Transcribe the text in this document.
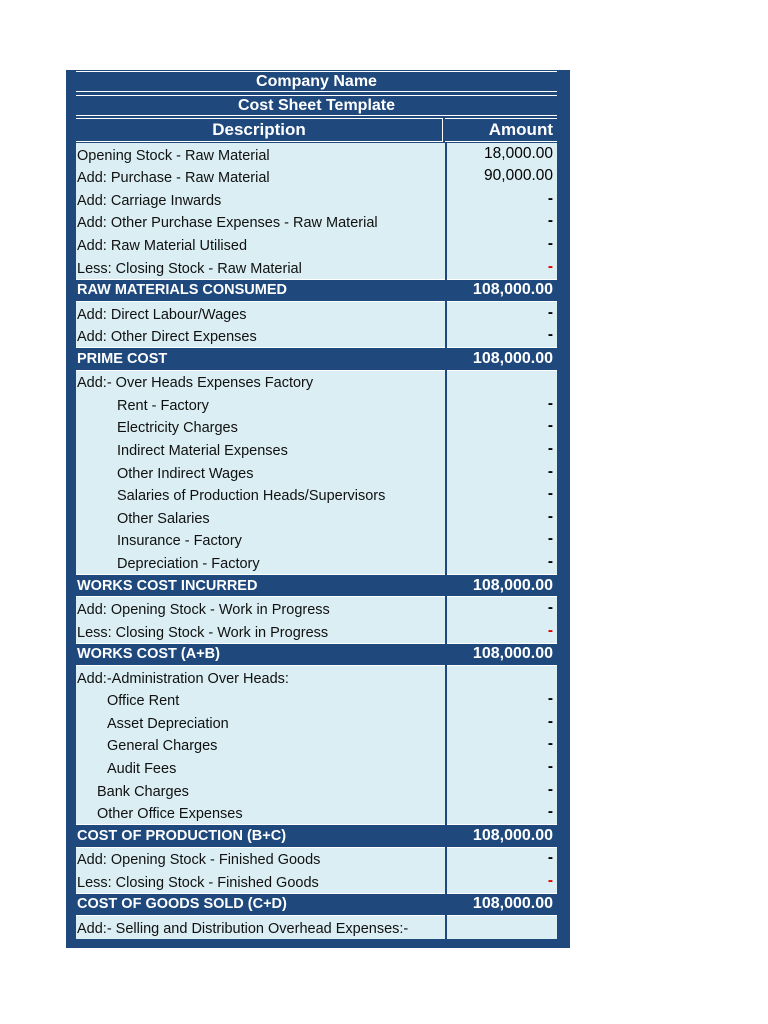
Company Name
Cost Sheet Template
Description	Amount
Opening Stock - Raw Material	18,000.00
Add: Purchase - Raw Material	90,000.00
Add: Carriage Inwards	-
Add: Other Purchase Expenses - Raw Material	-
Add: Raw Material Utilised	-
Less: Closing Stock - Raw Material	-
RAW MATERIALS CONSUMED	108,000.00
Add: Direct Labour/Wages	-
Add: Other Direct Expenses	-
PRIME COST	108,000.00
Add:- Over Heads Expenses Factory
Rent - Factory	-
Electricity Charges	-
Indirect Material Expenses	-
Other Indirect Wages	-
Salaries of Production Heads/Supervisors	-
Other Salaries	-
Insurance - Factory	-
Depreciation - Factory	-
WORKS COST INCURRED	108,000.00
Add: Opening Stock - Work in Progress	-
Less: Closing Stock - Work in Progress	-
WORKS COST (A+B)	108,000.00
Add:-Administration Over Heads:
Office Rent	-
Asset Depreciation	-
General Charges	-
Audit Fees	-
Bank Charges	-
Other Office Expenses	-
COST OF PRODUCTION (B+C)	108,000.00
Add: Opening Stock - Finished Goods	-
Less: Closing Stock - Finished Goods	-
COST OF GOODS SOLD (C+D)	108,000.00
Add:- Selling and Distribution Overhead Expenses:-
